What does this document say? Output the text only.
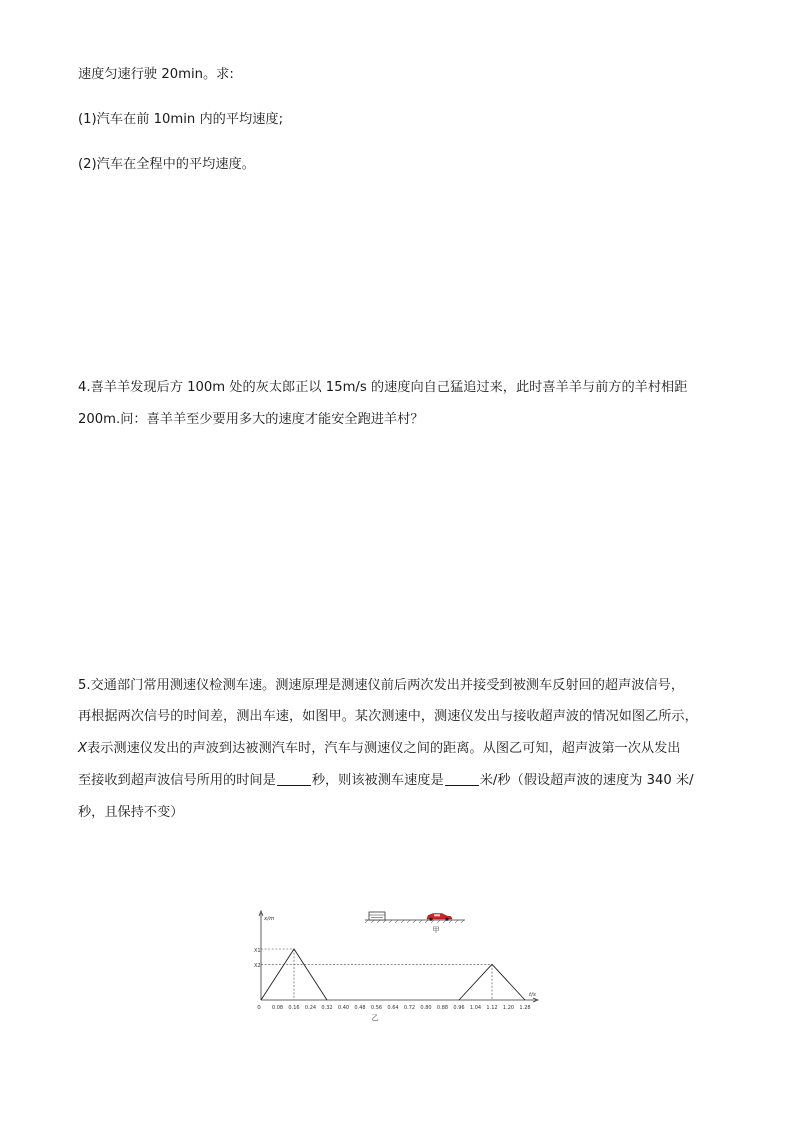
速度匀速行驶 20min。求:
(1)汽车在前 10min 内的平均速度;
(2)汽车在全程中的平均速度。
4.喜羊羊发现后方 100m 处的灰太郎正以 15m/s 的速度向自己猛追过来，此时喜羊羊与前方的羊村相距
200m.问：喜羊羊至少要用多大的速度才能安全跑进羊村？
5.交通部门常用测速仪检测车速。测速原理是测速仪前后两次发出并接受到被测车反射回的超声波信号，
再根据两次信号的时间差，测出车速，如图甲。某次测速中，测速仪发出与接收超声波的情况如图乙所示，
X表示测速仪发出的声波到达被测汽车时，汽车与测速仪之间的距离。从图乙可知，超声波第一次从发出
至接收到超声波信号所用的时间是	秒，则该被测车速度是	米/秒（假设超声波的速度为 340 米/
秒，且保持不变）
甲
x/m
t/s
X1
X2
0 0.08 0.16 0.24 0.32 0.40 0.48 0.56 0.64 0.72 0.80 0.88 0.96 1.04 1.12 1.20 1.28
乙
